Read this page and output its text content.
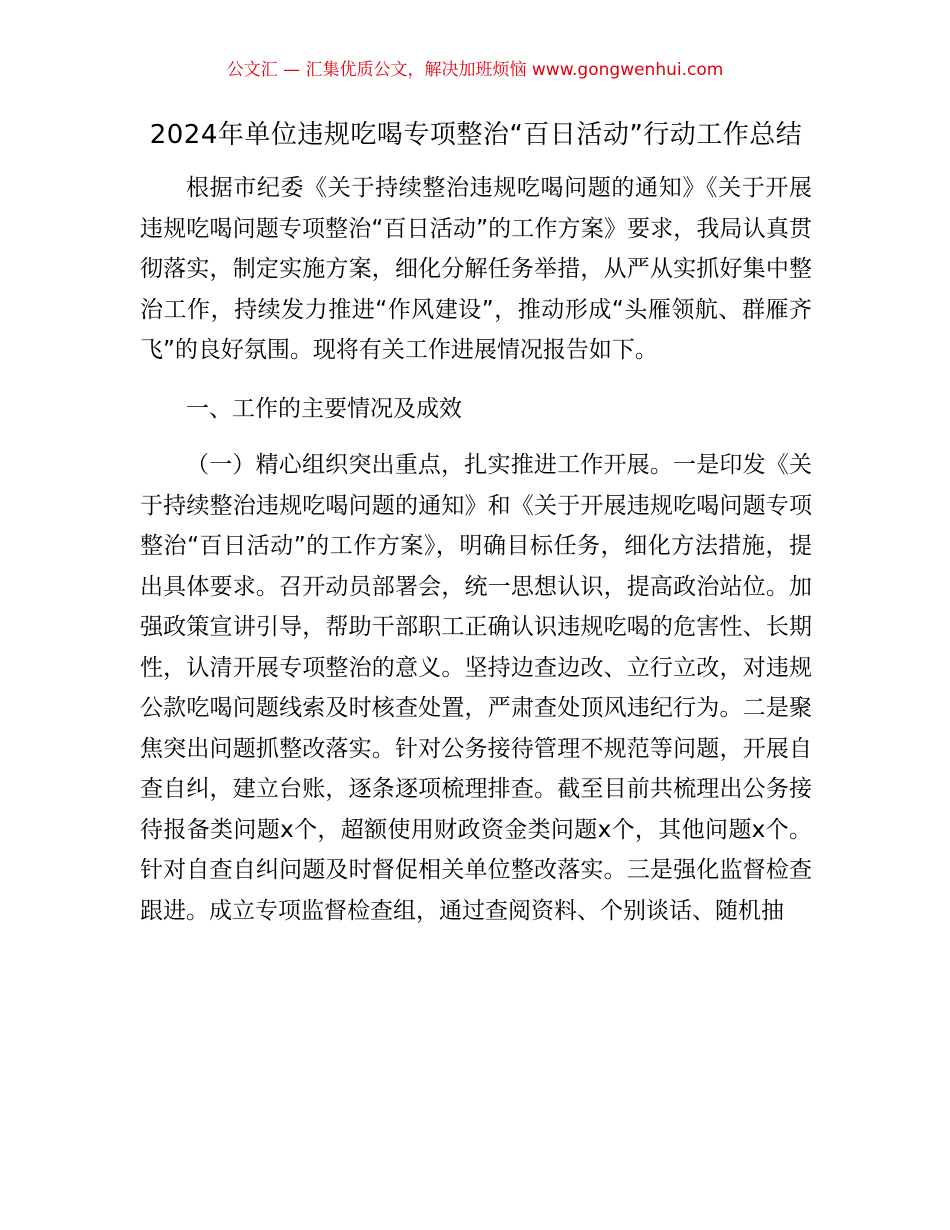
公文汇 — 汇集优质公文，解决加班烦恼 www.gongwenhui.com

2024年单位违规吃喝专项整治“百日活动”行动工作总结

根据市纪委《关于持续整治违规吃喝问题的通知》《关于开展违规吃喝问题专项整治“百日活动”的工作方案》要求，我局认真贯彻落实，制定实施方案，细化分解任务举措，从严从实抓好集中整治工作，持续发力推进“作风建设”，推动形成“头雁领航、群雁齐飞”的良好氛围。现将有关工作进展情况报告如下。

一、工作的主要情况及成效

（一）精心组织突出重点，扎实推进工作开展。一是印发《关于持续整治违规吃喝问题的通知》和《关于开展违规吃喝问题专项整治“百日活动”的工作方案》，明确目标任务，细化方法措施，提出具体要求。召开动员部署会，统一思想认识，提高政治站位。加强政策宣讲引导，帮助干部职工正确认识违规吃喝的危害性、长期性，认清开展专项整治的意义。坚持边查边改、立行立改，对违规公款吃喝问题线索及时核查处置，严肃查处顶风违纪行为。二是聚焦突出问题抓整改落实。针对公务接待管理不规范等问题，开展自查自纠，建立台账，逐条逐项梳理排查。截至目前共梳理出公务接待报备类问题x个，超额使用财政资金类问题x个，其他问题x个。针对自查自纠问题及时督促相关单位整改落实。三是强化监督检查跟进。成立专项监督检查组，通过查阅资料、个别谈话、随机抽
